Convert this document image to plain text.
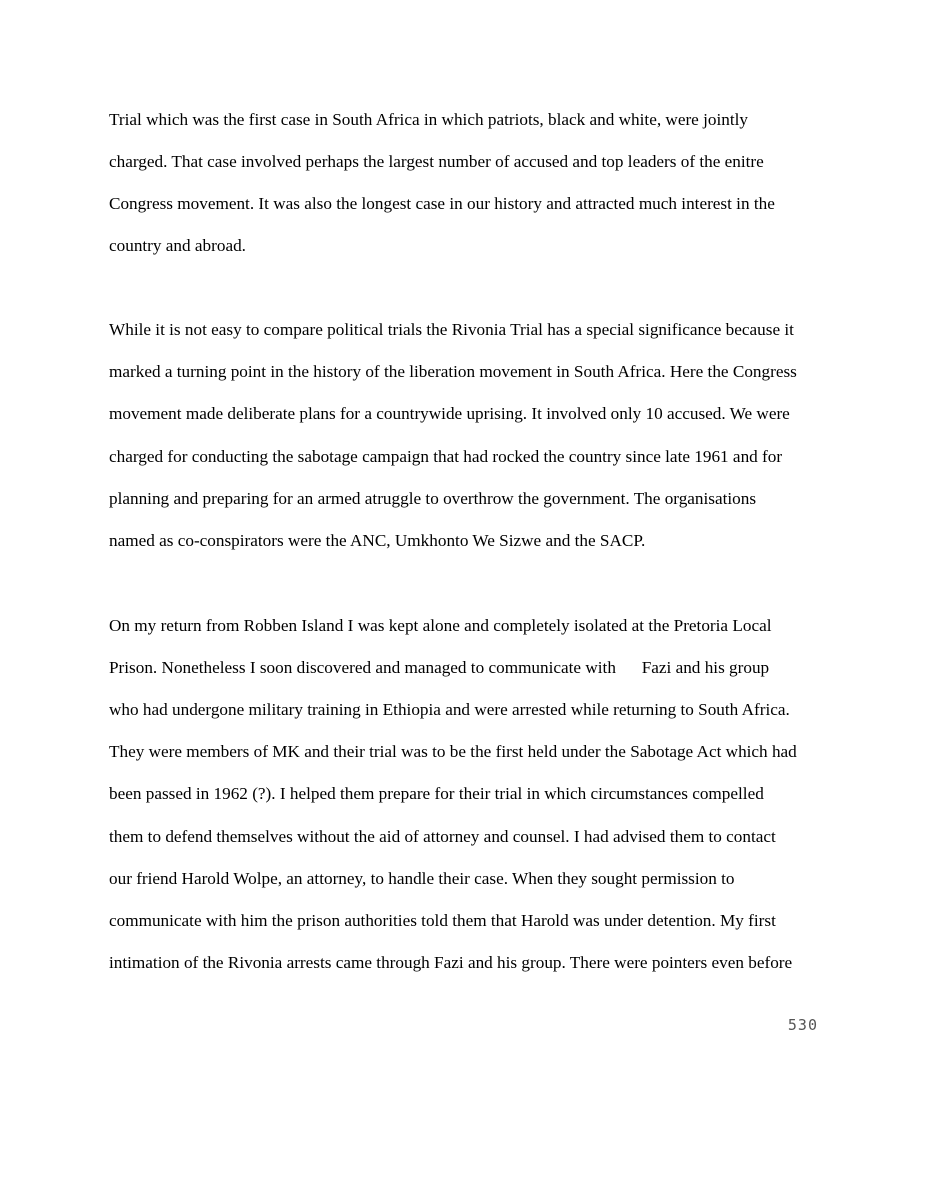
Trial which was the first case in South Africa in which patriots, black and white, were jointly

charged. That case involved perhaps the largest number of accused and top leaders of the enitre

Congress movement. It was also the longest case in our history and attracted much interest in the

country and abroad.

While it is not easy to compare political trials the Rivonia Trial has a special significance because it

marked a turning point in the history of the liberation movement in South Africa. Here the Congress

movement made deliberate plans for a countrywide uprising. It involved only 10 accused. We were

charged for conducting the sabotage campaign that had rocked the country since late 1961 and for

planning and preparing for an armed atruggle to overthrow the government. The organisations

named as co-conspirators were the ANC, Umkhonto We Sizwe and the SACP.

On my return from Robben Island I was kept alone and completely isolated at the Pretoria Local

Prison. Nonetheless I soon discovered and managed to communicate with      Fazi and his group

who had undergone military training in Ethiopia and were arrested while returning to South Africa.

They were members of MK and their trial was to be the first held under the Sabotage Act which had

been passed in 1962 (?). I helped them prepare for their trial in which circumstances compelled

them to defend themselves without the aid of attorney and counsel. I had advised them to contact

our friend Harold Wolpe, an attorney, to handle their case. When they sought permission to

communicate with him the prison authorities told them that Harold was under detention. My first

intimation of the Rivonia arrests came through Fazi and his group. There were pointers even before

530
